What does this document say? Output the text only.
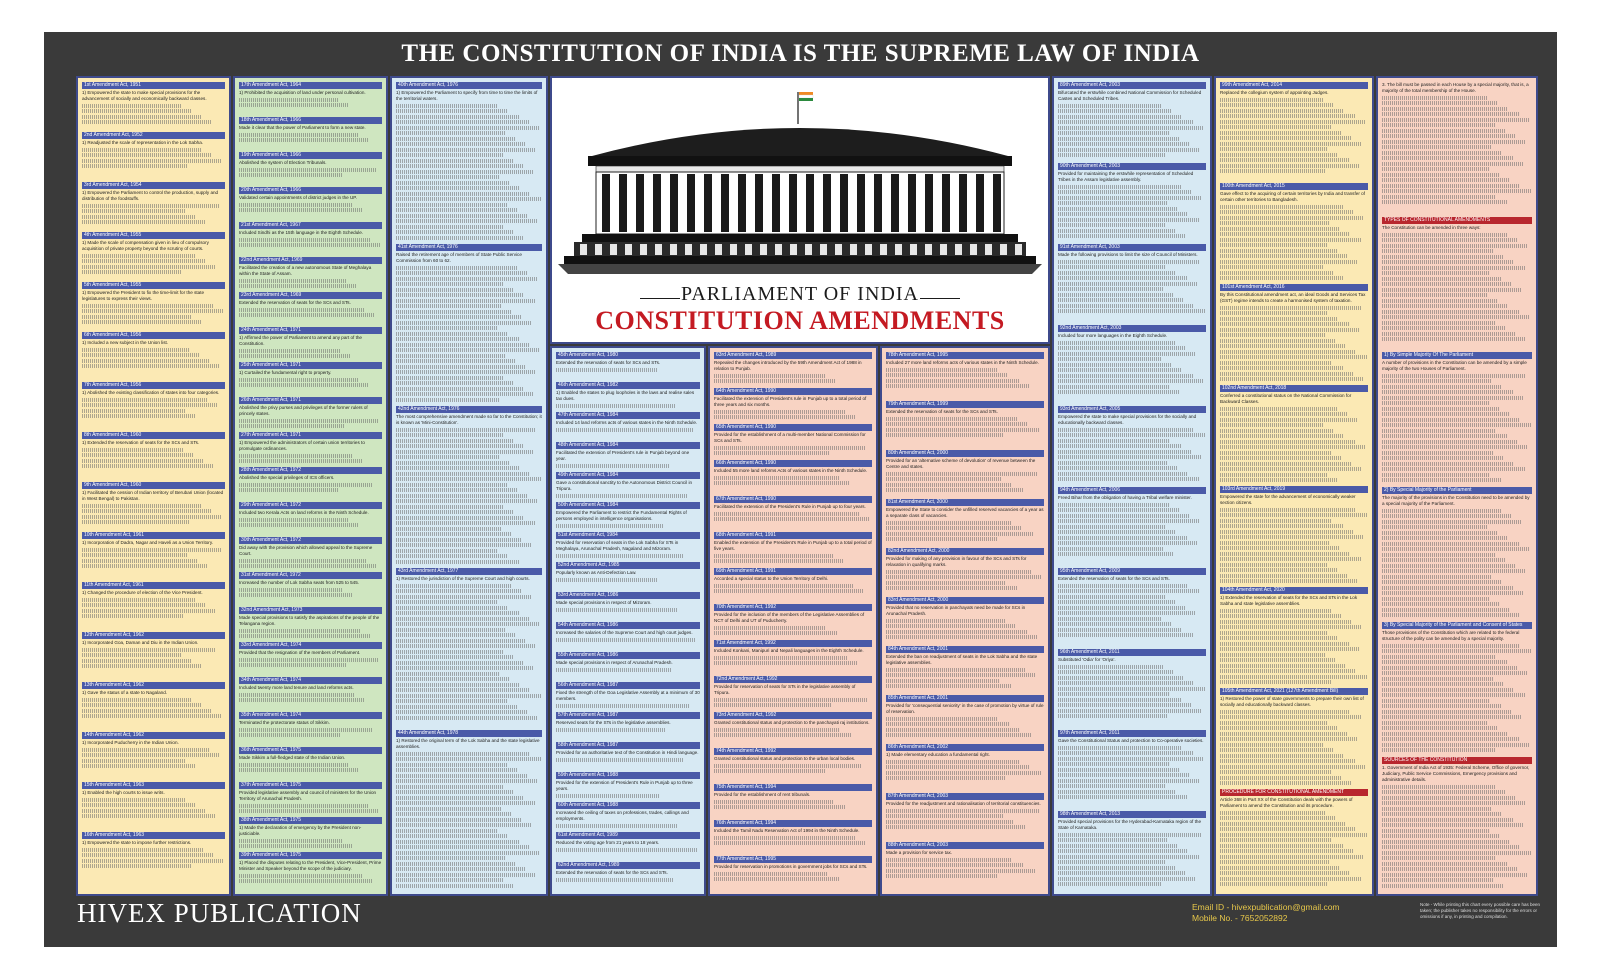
THE CONSTITUTION OF INDIA IS THE SUPREME LAW OF INDIA
1st Amendment Act, 1951
1) Empowered the state to make special provisions for the advancement of socially and economically backward classes.
2nd Amendment Act, 1952
1) Readjusted the scale of representation in the Lok Sabha.
3rd Amendment Act, 1954
1) Empowered the Parliament to control the production, supply and distribution of the foodstuffs.
4th Amendment Act, 1955
1) Made the scale of compensation given in lieu of compulsory acquisition of private property beyond the scrutiny of courts.
5th Amendment Act, 1955
1) Empowered the President to fix the time-limit for the state legislatures to express their views.
6th Amendment Act, 1956
1) Included a new subject in the Union list.
7th Amendment Act, 1956
1) Abolished the existing classification of states into four categories.
8th Amendment Act, 1960
1) Extended the reservation of seats for the SCs and STs.
9th Amendment Act, 1960
1) Facilitated the cession of Indian territory of Berubari Union (located in West Bengal) to Pakistan.
10th Amendment Act, 1961
1) Incorporation of Dadra, Nagar and Haveli as a Union Territory.
11th Amendment Act, 1961
1) Changed the procedure of election of the Vice President.
12th Amendment Act, 1962
1) Incorporated Goa, Daman and Diu in the Indian Union.
13th Amendment Act, 1962
1) Gave the status of a state to Nagaland.
14th Amendment Act, 1962
1) Incorporated Puducherry in the Indian Union.
15th Amendment Act, 1963
1) Enabled the high courts to issue writs.
16th Amendment Act, 1963
1) Empowered the state to impose further restrictions.
17th Amendment Act, 1964
1) Prohibited the acquisition of land under personal cultivation.
18th Amendment Act, 1966
Made it clear that the power of Parliament to form a new state.
19th Amendment Act, 1966
Abolished the system of Election Tribunals.
20th Amendment Act, 1966
Validated certain appointments of district judges in the UP.
21st Amendment Act, 1967
Included Sindhi as the 15th language in the Eighth Schedule.
22nd Amendment Act, 1969
Facilitated the creation of a new autonomous State of Meghalaya within the State of Assam.
23rd Amendment Act, 1969
Extended the reservation of seats for the SCs and STs.
24th Amendment Act, 1971
1) Affirmed the power of Parliament to amend any part of the Constitution.
25th Amendment Act, 1971
1) Curtailed the fundamental right to property.
26th Amendment Act, 1971
Abolished the privy purses and privileges of the former rulers of princely states.
27th Amendment Act, 1971
1) Empowered the administrators of certain union territories to promulgate ordinances.
28th Amendment Act, 1972
Abolished the special privileges of ICS officers.
29th Amendment Act, 1972
Included two Kerala Acts on land reforms in the Ninth Schedule.
30th Amendment Act, 1972
Did away with the provision which allowed appeal to the Supreme Court.
31st Amendment Act, 1972
Increased the number of Lok Sabha seats from 525 to 545.
32nd Amendment Act, 1973
Made special provisions to satisfy the aspirations of the people of the Telangana region.
33rd Amendment Act, 1974
Provided that the resignation of the members of Parliament.
34th Amendment Act, 1974
Included twenty more land tenure and land reforms acts.
35th Amendment Act, 1974
Terminated the protectorate status of Sikkim.
36th Amendment Act, 1975
Made Sikkim a full-fledged state of the Indian Union.
37th Amendment Act, 1975
Provided legislative assembly and council of ministers for the Union Territory of Arunachal Pradesh.
38th Amendment Act, 1975
1) Made the declaration of emergency by the President non-justiciable.
39th Amendment Act, 1975
1) Placed the disputes relating to the President, Vice-President, Prime Minister and Speaker beyond the scope of the judiciary.
40th Amendment Act, 1976
1) Empowered the Parliament to specify from time to time the limits of the territorial waters.
41st Amendment Act, 1976
Raised the retirement age of members of State Public Service Commission from 60 to 62.
42nd Amendment Act, 1976
The most comprehensive amendment made so far to the Constitution; it is known as 'Mini-Constitution'.
43rd Amendment Act, 1977
1) Restored the jurisdiction of the Supreme Court and high courts.
44th Amendment Act, 1978
1) Restored the original term of the Lok Sabha and the state legislative assemblies.
45th Amendment Act, 1980
Extended the reservation of seats for SCs and STs.
46th Amendment Act, 1982
1) Enabled the states to plug loopholes in the laws and realise sales tax dues.
47th Amendment Act, 1984
Included 14 land reforms acts of various states in the Ninth Schedule.
48th Amendment Act, 1984
Facilitated the extension of President's rule in Punjab beyond one year.
49th Amendment Act, 1984
Gave a constitutional sanctity to the Autonomous District Council in Tripura.
50th Amendment Act, 1984
Empowered the Parliament to restrict the Fundamental Rights of persons employed in intelligence organisations.
51st Amendment Act, 1984
Provided for reservation of seats in the Lok Sabha for STs in Meghalaya, Arunachal Pradesh, Nagaland and Mizoram.
52nd Amendment Act, 1985
Popularly known as Anti-Defection Law.
53rd Amendment Act, 1986
Made special provisions in respect of Mizoram.
54th Amendment Act, 1986
Increased the salaries of the Supreme Court and high court judges.
55th Amendment Act, 1986
Made special provisions in respect of Arunachal Pradesh.
56th Amendment Act, 1987
Fixed the strength of the Goa Legislative Assembly at a minimum of 30 members.
57th Amendment Act, 1987
Reserved seats for the STs in the legislative assemblies.
58th Amendment Act, 1987
Provided for an authoritative text of the Constitution in Hindi language.
59th Amendment Act, 1988
Provided for the extension of President's Rule in Punjab up to three years.
60th Amendment Act, 1988
Increased the ceiling of taxes on professions, trades, callings and employments.
61st Amendment Act, 1989
Reduced the voting age from 21 years to 18 years.
62nd Amendment Act, 1989
Extended the reservation of seats for the SCs and STs.
63rd Amendment Act, 1989
Repealed the changes introduced by the 59th Amendment Act of 1988 in relation to Punjab.
64th Amendment Act, 1990
Facilitated the extension of President's rule in Punjab up to a total period of three years and six months.
65th Amendment Act, 1990
Provided for the establishment of a multi-member National Commission for SCs and STs.
66th Amendment Act, 1990
Included 55 more land reforms Acts of various states in the Ninth Schedule.
67th Amendment Act, 1990
Facilitated the extension of the President's Rule in Punjab up to four years.
68th Amendment Act, 1991
Enabled the extension of the President's Rule in Punjab up to a total period of five years.
69th Amendment Act, 1991
Accorded a special status to the Union Territory of Delhi.
70th Amendment Act, 1992
Provided for the inclusion of the members of the Legislative Assemblies of NCT of Delhi and UT of Puducherry.
71st Amendment Act, 1992
Included Konkani, Manipuri and Nepali languages in the Eighth Schedule.
72nd Amendment Act, 1992
Provided for reservation of seats for STs in the legislative assembly of Tripura.
73rd Amendment Act, 1992
Granted constitutional status and protection to the panchayati raj institutions.
74th Amendment Act, 1992
Granted constitutional status and protection to the urban local bodies.
75th Amendment Act, 1994
Provided for the establishment of rent tribunals.
76th Amendment Act, 1994
Included the Tamil Nadu Reservation Act of 1994 in the Ninth Schedule.
77th Amendment Act, 1995
Provided for reservation in promotions in government jobs for SCs and STs.
78th Amendment Act, 1995
Included 27 more land reforms acts of various states in the Ninth Schedule.
79th Amendment Act, 1999
Extended the reservation of seats for the SCs and STs.
80th Amendment Act, 2000
Provided for an 'alternative scheme of devolution' of revenue between the Centre and states.
81st Amendment Act, 2000
Empowered the State to consider the unfilled reserved vacancies of a year as a separate class of vacancies.
82nd Amendment Act, 2000
Provided for making of any provision in favour of the SCs and STs for relaxation in qualifying marks.
83rd Amendment Act, 2000
Provided that no reservation in panchayats need be made for SCs in Arunachal Pradesh.
84th Amendment Act, 2001
Extended the ban on readjustment of seats in the Lok Sabha and the state legislative assemblies.
85th Amendment Act, 2001
Provided for 'consequential seniority' in the case of promotion by virtue of rule of reservation.
86th Amendment Act, 2002
1) Made elementary education a fundamental right.
87th Amendment Act, 2003
Provided for the readjustment and rationalisation of territorial constituencies.
88th Amendment Act, 2003
Made a provision for service tax.
89th Amendment Act, 2003
Bifurcated the erstwhile combined National Commission for Scheduled Castes and Scheduled Tribes.
90th Amendment Act, 2003
Provided for maintaining the erstwhile representation of Scheduled Tribes in the Assam legislative assembly.
91st Amendment Act, 2003
Made the following provisions to limit the size of Council of Ministers.
92nd Amendment Act, 2003
Included four more languages in the Eighth Schedule.
93rd Amendment Act, 2005
Empowered the state to make special provisions for the socially and educationally backward classes.
94th Amendment Act, 2006
Freed Bihar from the obligation of having a Tribal welfare minister.
95th Amendment Act, 2009
Extended the reservation of seats for the SCs and STs.
96th Amendment Act, 2011
Substituted 'Odia' for 'Oriya'.
97th Amendment Act, 2011
Gave the Constitutional Status and protection to Co-operative societies.
98th Amendment Act, 2013
Provided special provisions for the Hyderabad-Karnataka region of the State of Karnataka.
99th Amendment Act, 2014
Replaced the collegium system of appointing Judges.
100th Amendment Act, 2015
Gave effect to the acquiring of certain territories by India and transfer of certain other territories to Bangladesh.
101st Amendment Act, 2016
By this Constitutional amendment act, an ideal Goods and Services Tax (GST) regime intends to create a harmonised system of taxation.
102nd Amendment Act, 2018
Conferred a constitutional status on the National Commission for Backward Classes.
103rd Amendment Act, 2019
Empowered the state for the advancement of economically weaker section citizens.
104th Amendment Act, 2020
1) Extended the reservation of seats for the SCs and STs in the Lok Sabha and state legislative assemblies.
105th Amendment Act, 2021 (127th Amendment Bill)
1) Restored the power of state governments to prepare their own list of socially and educationally backward classes.
PROCEDURE FOR CONSTITUTIONAL AMENDMENT
Article 368 in Part XX of the Constitution deals with the powers of Parliament to amend the Constitution and its procedure.
3. The bill must be passed in each House by a special majority, that is, a majority of the total membership of the House.
TYPES OF CONSTITUTIONAL AMENDMENTS
The Constitution can be amended in three ways:
1) By Simple Majority Of The Parliament
A number of provisions in the Constitution can be amended by a simple majority of the two Houses of Parliament.
2) By Special Majority of the Parliament
The majority of the provisions in the Constitution need to be amended by a special majority of the Parliament.
3) By Special Majority of the Parliament and Consent of States
Those provisions of the Constitution which are related to the federal structure of the polity can be amended by a special majority.
SOURCES OF THE CONSTITUTION
1. Government of India Act of 1935: Federal Scheme, Office of governor, Judiciary, Public Service Commissions, Emergency provisions and administrative details.
PARLIAMENT OF INDIA
CONSTITUTION AMENDMENTS
HIVEX PUBLICATION	Email ID - hivexpublication@gmail.com
Mobile No. - 7652052892
Note - While printing this chart every possible care has been taken; the publisher takes no responsibility for the errors or omissions if any, in printing and compilation.
